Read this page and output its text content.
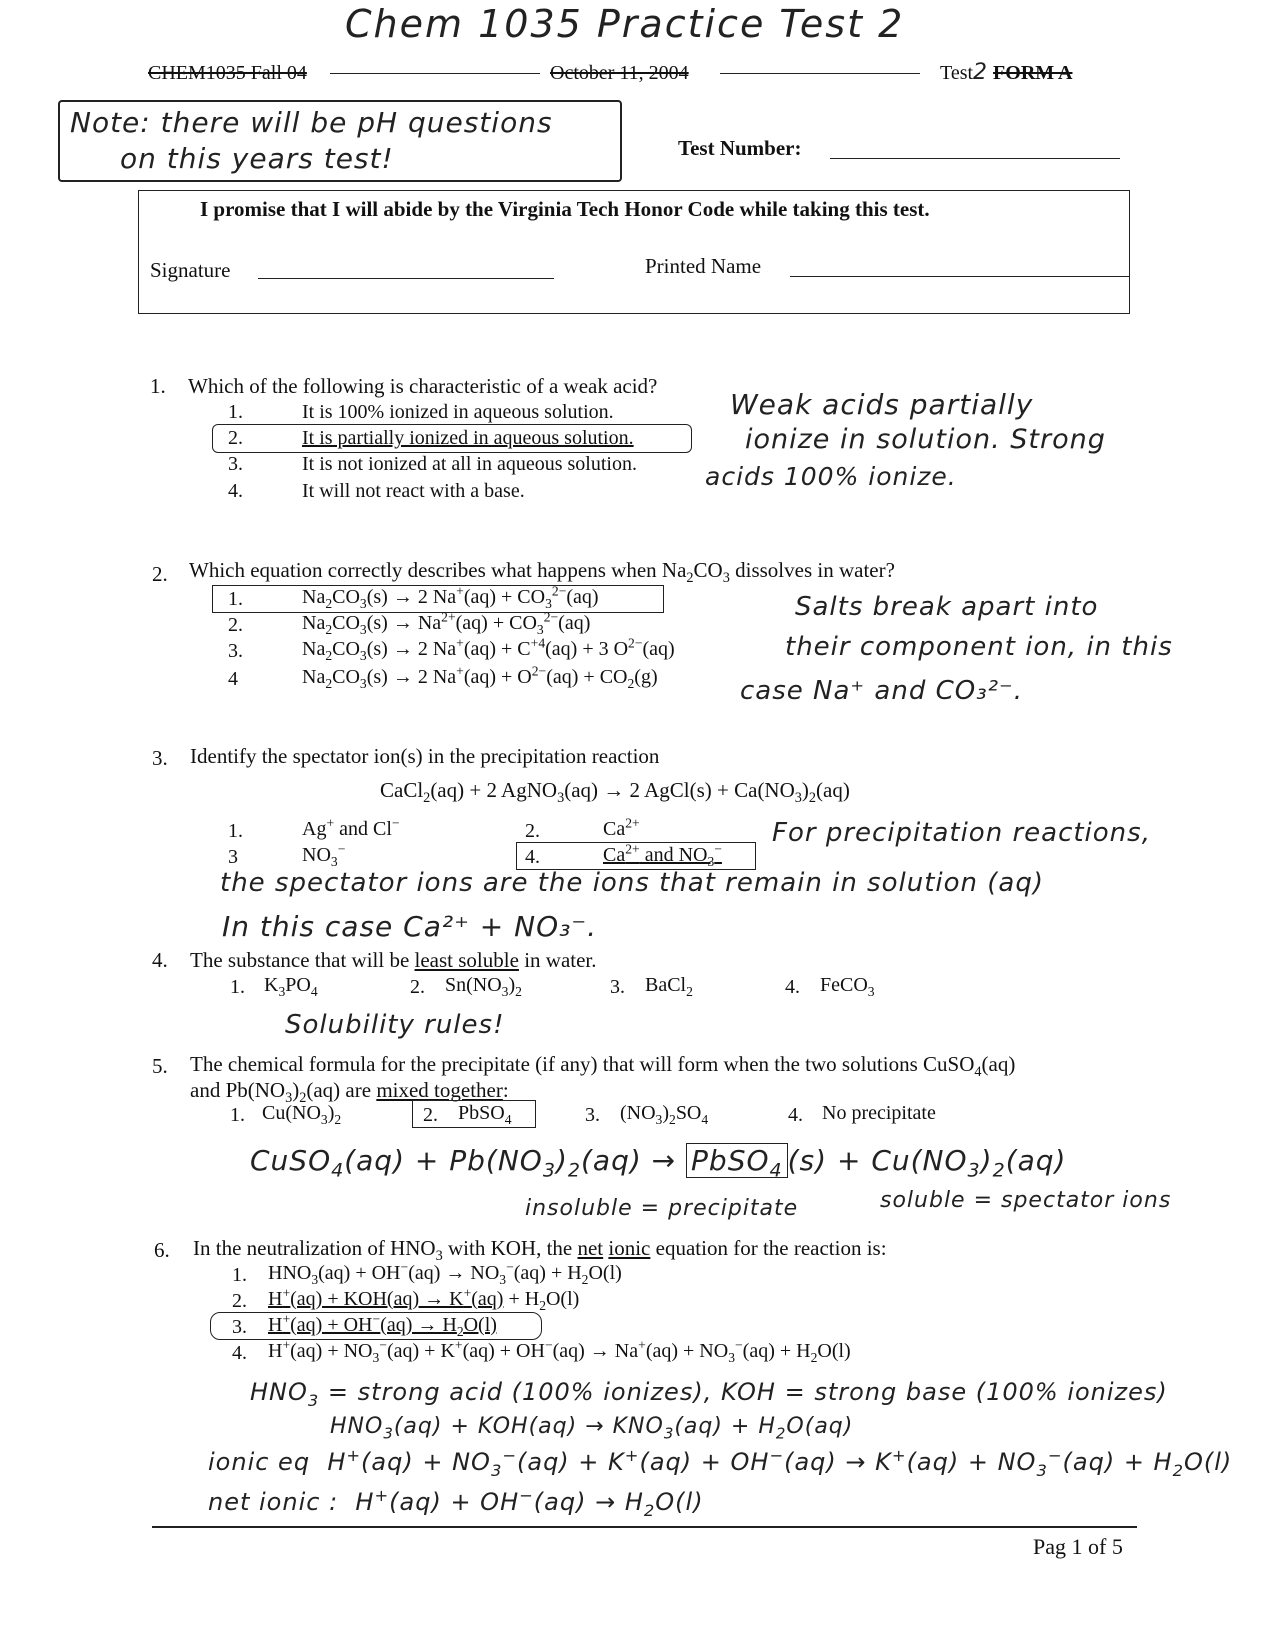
Chem 1035 Practice Test 2
CHEM1035 Fall 04	October 11, 2004	Test2 FORM A
Note: there will be pH questions
on this years test!	Test Number:
I promise that I will abide by the Virginia Tech Honor Code while taking this test.
Signature	Printed Name
1. Which of the following is characteristic of a weak acid?
1.	It is 100% ionized in aqueous solution.
2.	It is partially ionized in aqueous solution.
3.	It is not ionized at all in aqueous solution.
4.	It will not react with a base.
Weak acids partially
ionize in solution. Strong
acids 100% ionize.
2. Which equation correctly describes what happens when $Na_2CO_3$ dissolves in water?
1.	$Na_2CO_3(s) \to 2$ $Na^+(aq) + CO_3^{2-}(aq)$
2.	$Na_2CO_3(s) \to Na^{2+}(aq) + CO_3^{2-}(aq)$
3.	$Na_2CO_3(s) \to 2$ $Na^+(aq) + C^{+4}(aq) + 3$ $O^{2-}(aq)$
4	$Na_2CO_3(s) \to 2$ $Na^+(aq) + O^{2-}(aq) + CO_2(g)$
Salts break apart into
their component ion, in this
case Na⁺ and CO₃²⁻.
3. Identify the spectator ion(s) in the precipitation reaction
CaCl$_2$(aq) + 2 AgNO$_3$(aq) → 2 AgCl(s) + $Ca(NO_3)_2(aq)$
1.	Ag+ and Cl−	2.	$Ca^{2+}$
3	$NO_3^-$	4.	$Ca^{2+}$ and $NO_3^-$
For precipitation reactions,
the spectator ions are the ions that remain in solution (aq)
In this case Ca²⁺ + NO₃⁻.
4. The substance that will be least soluble in water.
1. $K_3PO_4$	2. $Sn(NO_3)_2$	3. BaCl$_2$	4. FeCO$_3$
Solubility rules!
5. The chemical formula for the precipitate (if any) that will form when the two solutions CuSO$_4$(aq)
and $Pb(NO_3)_2(aq)$ are mixed together:
1. $Cu(NO_3)_2$	2. PbSO$_4$	3. $(NO_3)_2SO_4$	4. No precipitate
CuSO$_4$(aq) + $Pb(NO_3)_2(aq)$ → PbSO$_4$ $(s) + Cu(NO_3)_2(aq)$
insoluble = precipitate	soluble = spectator ions
6. In the neutralization of $HNO_3$ with KOH, the net ionic equation for the reaction is:
1. $HNO_3(aq) + OH^-(aq) \to NO_3^-(aq) + H_2O(l)$
2. $H^+(aq) + KOH(aq) \to K^+(aq) + H_2O(l)$
3. $H^+(aq) + OH^-(aq) \to H_2O(l)$
4. $H^+(aq) + NO_3^-(aq) + K^+(aq) + OH^-(aq) \to Na^+(aq) + NO_3^-(aq) + H_2O(l)$
$HNO_3$ = strong acid (100% ionizes), KOH = strong base (100% ionizes)
$HNO_3(aq) + KOH(aq) \to KNO_3(aq) + H_2O(aq)$
ionic eq  $H^+(aq) + NO_3^-(aq) + K^+(aq) + OH^-(aq) \to K^+(aq) + NO_3^-(aq) + H_2O(l)$
net ionic :  $H^+(aq) + OH^-(aq) \to H_2O(l)$
Pag 1 of 5
